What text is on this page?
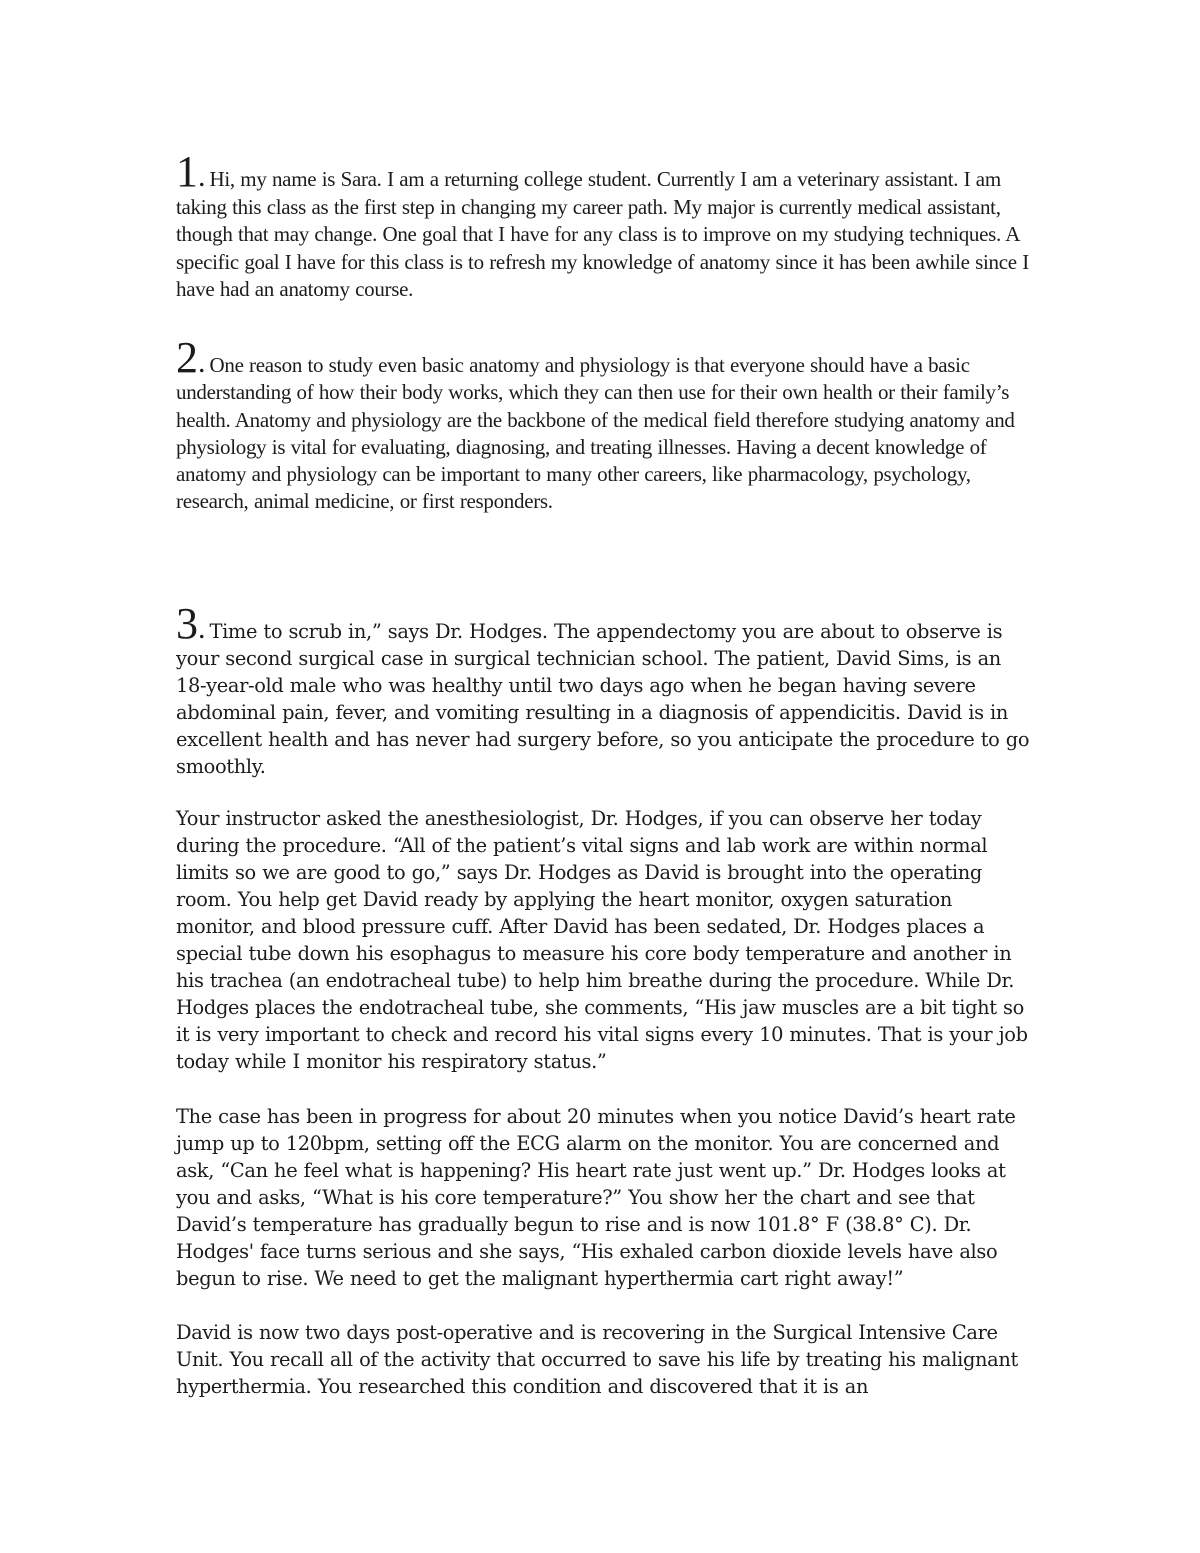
1. Hi, my name is Sara. I am a returning college student. Currently I am a veterinary assistant. I am taking this class as the first step in changing my career path. My major is currently medical assistant, though that may change. One goal that I have for any class is to improve on my studying techniques. A specific goal I have for this class is to refresh my knowledge of anatomy since it has been awhile since I have had an anatomy course.

2. One reason to study even basic anatomy and physiology is that everyone should have a basic understanding of how their body works, which they can then use for their own health or their family’s health. Anatomy and physiology are the backbone of the medical field therefore studying anatomy and physiology is vital for evaluating, diagnosing, and treating illnesses. Having a decent knowledge of anatomy and physiology can be important to many other careers, like pharmacology, psychology, research, animal medicine, or first responders.

3. Time to scrub in,” says Dr. Hodges. The appendectomy you are about to observe is your second surgical case in surgical technician school. The patient, David Sims, is an 18-year-old male who was healthy until two days ago when he began having severe abdominal pain, fever, and vomiting resulting in a diagnosis of appendicitis. David is in excellent health and has never had surgery before, so you anticipate the procedure to go smoothly.

Your instructor asked the anesthesiologist, Dr. Hodges, if you can observe her today during the procedure. “All of the patient’s vital signs and lab work are within normal limits so we are good to go,” says Dr. Hodges as David is brought into the operating room. You help get David ready by applying the heart monitor, oxygen saturation monitor, and blood pressure cuff. After David has been sedated, Dr. Hodges places a special tube down his esophagus to measure his core body temperature and another in his trachea (an endotracheal tube) to help him breathe during the procedure. While Dr. Hodges places the endotracheal tube, she comments, “His jaw muscles are a bit tight so it is very important to check and record his vital signs every 10 minutes. That is your job today while I monitor his respiratory status.”

The case has been in progress for about 20 minutes when you notice David’s heart rate jump up to 120bpm, setting off the ECG alarm on the monitor. You are concerned and ask, “Can he feel what is happening? His heart rate just went up.” Dr. Hodges looks at you and asks, “What is his core temperature?” You show her the chart and see that David’s temperature has gradually begun to rise and is now 101.8° F (38.8° C). Dr. Hodges' face turns serious and she says, “His exhaled carbon dioxide levels have also begun to rise. We need to get the malignant hyperthermia cart right away!”

David is now two days post-operative and is recovering in the Surgical Intensive Care Unit. You recall all of the activity that occurred to save his life by treating his malignant hyperthermia. You researched this condition and discovered that it is an
